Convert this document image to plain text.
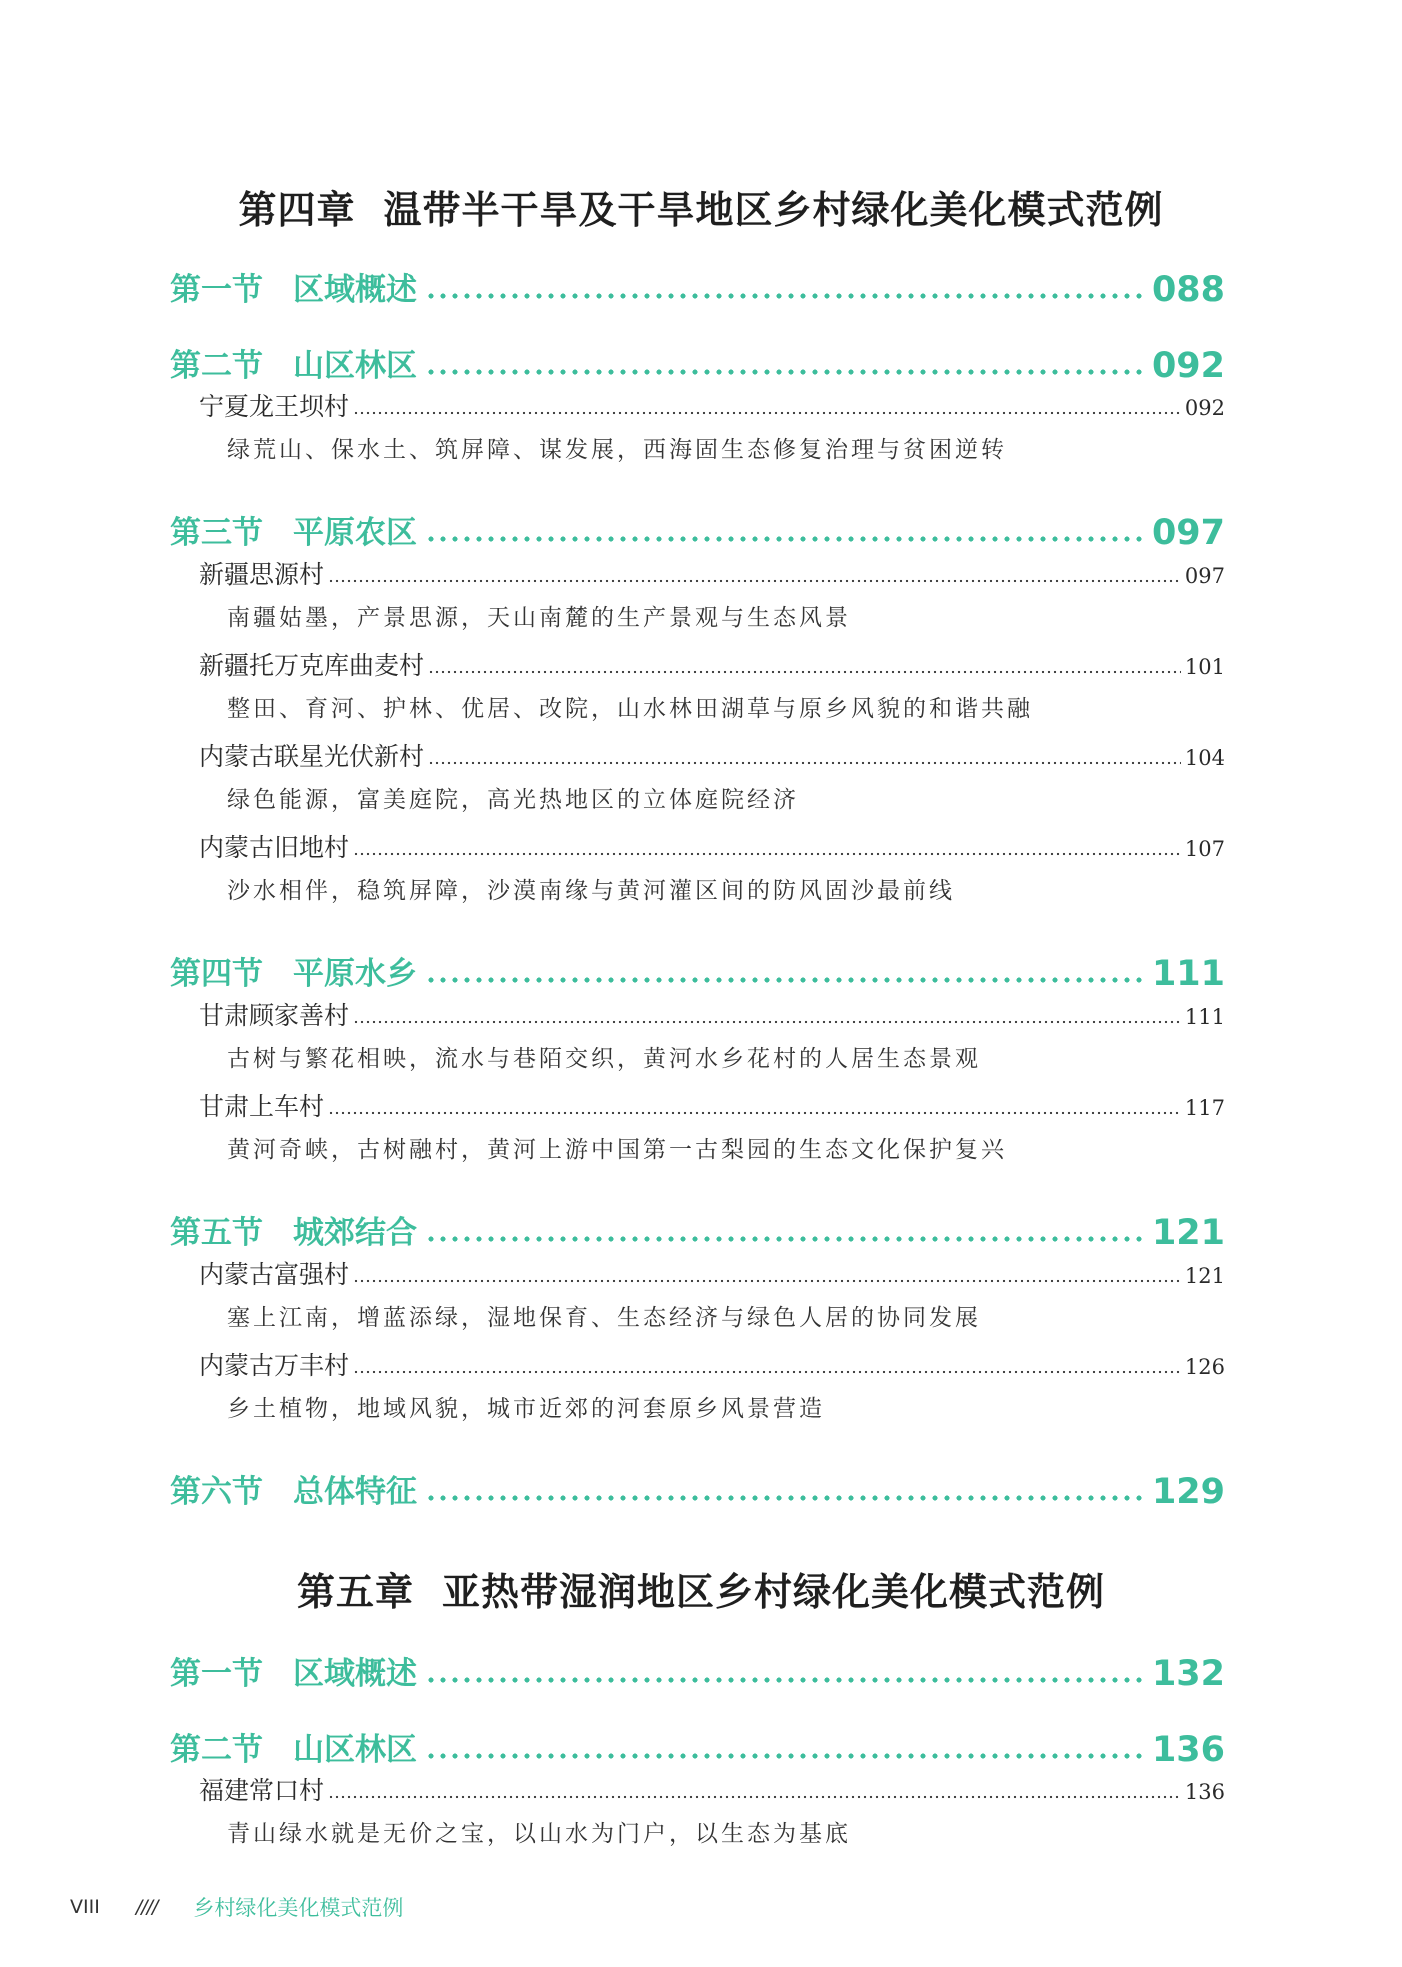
第四章 温带半干旱及干旱地区乡村绿化美化模式范例
第一节 区域概述	088
第二节 山区林区	092
宁夏龙王坝村	092
绿荒山、保水土、筑屏障、谋发展，西海固生态修复治理与贫困逆转
第三节 平原农区	097
新疆思源村	097
南疆姑墨，产景思源，天山南麓的生产景观与生态风景
新疆托万克库曲麦村	101
整田、育河、护林、优居、改院，山水林田湖草与原乡风貌的和谐共融
内蒙古联星光伏新村	104
绿色能源，富美庭院，高光热地区的立体庭院经济
内蒙古旧地村	107
沙水相伴，稳筑屏障，沙漠南缘与黄河灌区间的防风固沙最前线
第四节 平原水乡	111
甘肃顾家善村	111
古树与繁花相映，流水与巷陌交织，黄河水乡花村的人居生态景观
甘肃上车村	117
黄河奇峡，古树融村，黄河上游中国第一古梨园的生态文化保护复兴
第五节 城郊结合	121
内蒙古富强村	121
塞上江南，增蓝添绿，湿地保育、生态经济与绿色人居的协同发展
内蒙古万丰村	126
乡土植物，地域风貌，城市近郊的河套原乡风景营造
第六节 总体特征	129
第五章 亚热带湿润地区乡村绿化美化模式范例
第一节 区域概述	132
第二节 山区林区	136
福建常口村	136
青山绿水就是无价之宝，以山水为门户，以生态为基底
VIII //// 乡村绿化美化模式范例
